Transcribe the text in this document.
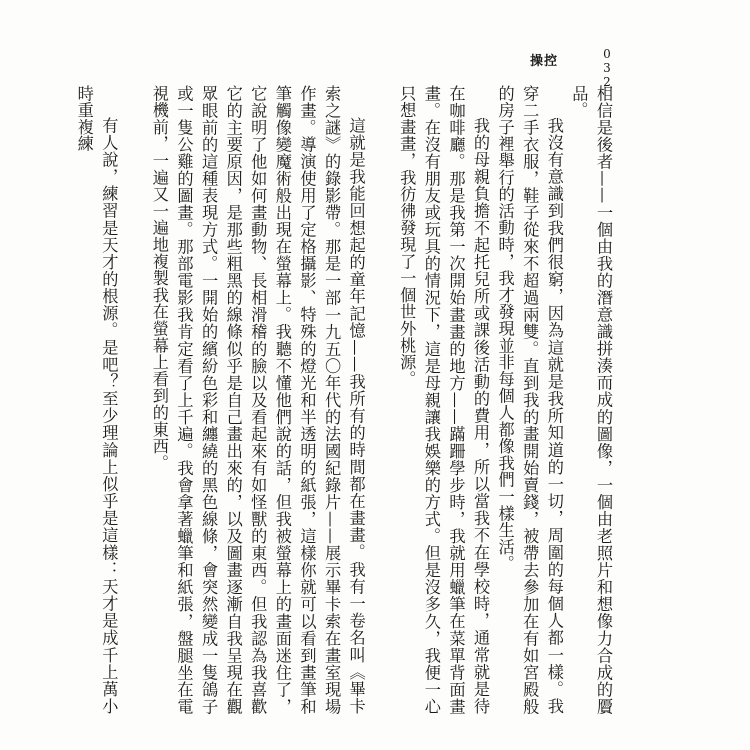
操控	032

相信是後者——一個由我的潛意識拼湊而成的圖像，一個由老照片和想像力合成的贗品。

我沒有意識到我們很窮，因為這就是我所知道的一切，周圍的每個人都一樣。我穿二手衣服，鞋子從來不超過兩雙。直到我的畫開始賣錢，被帶去參加在有如宮殿般的房子裡舉行的活動時，我才發現並非每個人都像我們一樣生活。

我的母親負擔不起托兒所或課後活動的費用，所以當我不在學校時，通常就是待在咖啡廳。那是我第一次開始畫畫的地方——蹣跚學步時，我就用蠟筆在菜單背面畫畫。在沒有朋友或玩具的情況下，這是母親讓我娛樂的方式。但是沒多久，我便一心只想畫畫，我彷彿發現了一個世外桃源。

這就是我能回想起的童年記憶——我所有的時間都在畫畫。我有一卷名叫《畢卡索之謎》的錄影帶。那是一部一九五〇年代的法國紀錄片——展示畢卡索在畫室現場作畫。導演使用了定格攝影、特殊的燈光和半透明的紙張，這樣你就可以看到畫筆和筆觸像變魔術般出現在螢幕上。我聽不懂他們說的話，但我被螢幕上的畫面迷住了，它說明了他如何畫動物、長相滑稽的臉以及看起來有如怪獸的東西。但我認為我喜歡它的主要原因，是那些粗黑的線條似乎是自己畫出來的，以及圖畫逐漸自我呈現在觀眾眼前的這種表現方式。一開始的繽紛色彩和纏繞的黑色線條，會突然變成一隻鴿子或一隻公雞的圖畫。那部電影我肯定看了上千遍。我會拿著蠟筆和紙張，盤腿坐在電視機前，一遍又一遍地複製我在螢幕上看到的東西。

有人說，練習是天才的根源。是吧？至少理論上似乎是這樣：天才是成千上萬小時重複練
